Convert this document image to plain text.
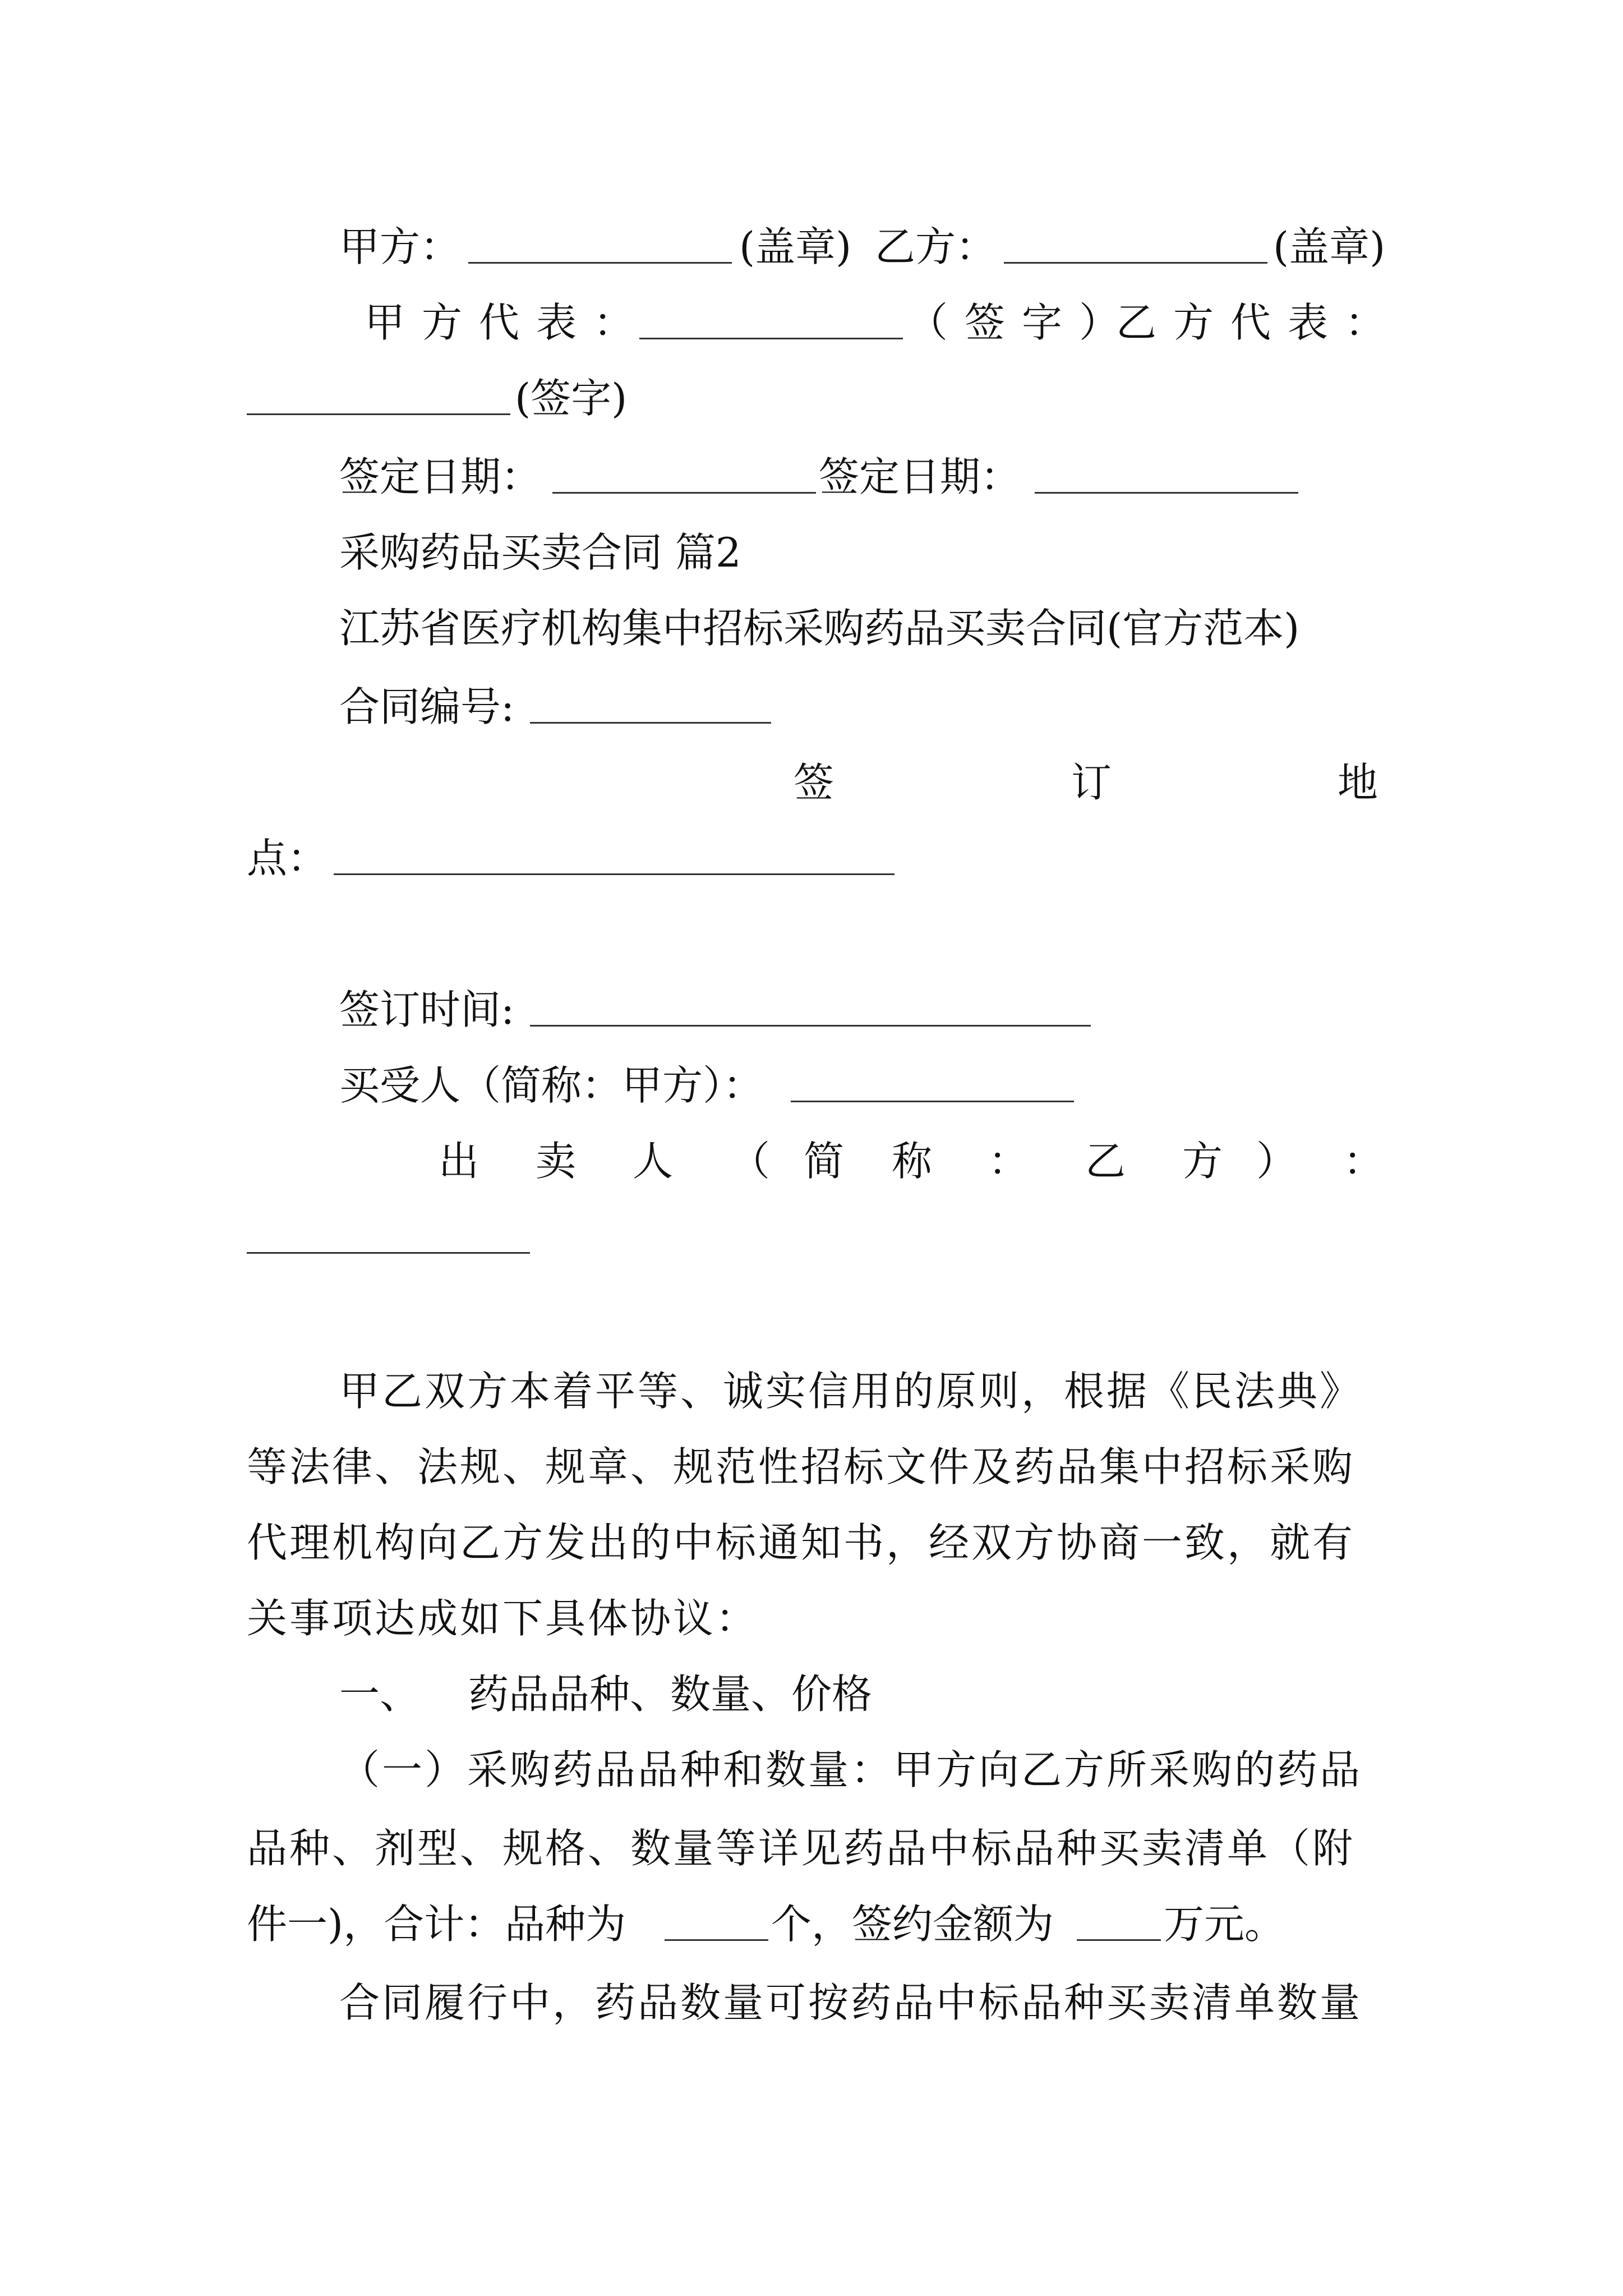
甲方：	(盖章) 乙方：	(盖章)
甲方代表：	（签字）
乙方代表：
(签字)
签定日期：	签定日期：
采购药品买卖合同 篇2
江苏省医疗机构集中招标采购药品买卖合同(官方范本)
合同编号:
签	订	地
点：
签订时间:
买受人（简称：甲方）：
出 卖 人 （ 简 称 ： 乙 方 ） ：
甲乙双方本着平等、诚实信用的原则，根据《民法典》
等法律、法规、规章、规范性招标文件及药品集中招标采购
代理机构向乙方发出的中标通知书，经双方协商一致，就有
关事项达成如下具体协议：
一、 药品品种、数量、价格
（一）采购药品品种和数量：甲方向乙方所采购的药品
品种、剂型、规格、数量等详见药品中标品种买卖清单（附
件一)，合计：品种为	个，签约金额为	万元。
合同履行中，药品数量可按药品中标品种买卖清单数量
